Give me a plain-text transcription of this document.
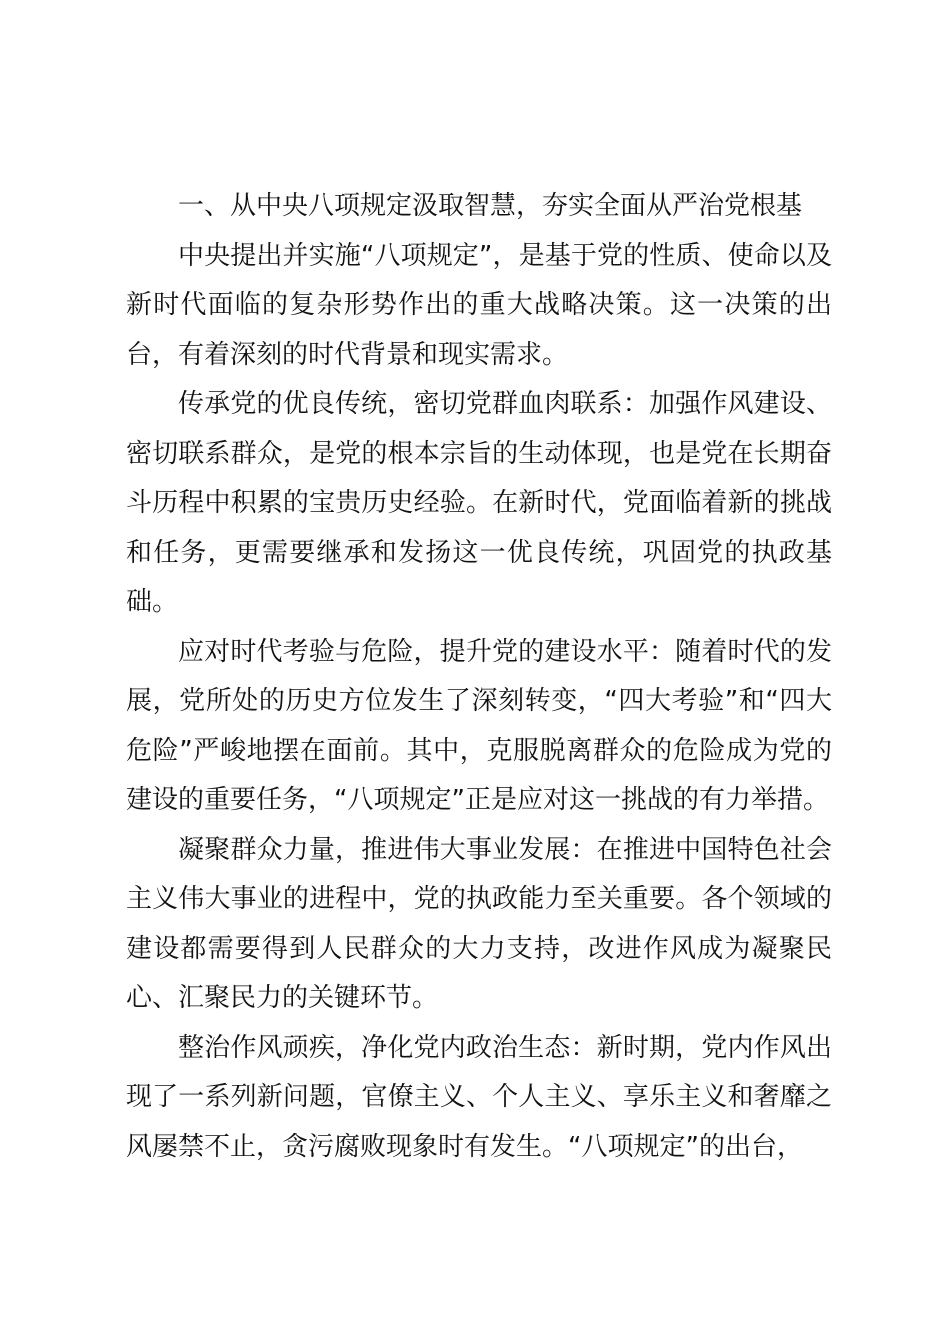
一、从中央八项规定汲取智慧，夯实全面从严治党根基

中央提出并实施“八项规定”，是基于党的性质、使命以及新时代面临的复杂形势作出的重大战略决策。这一决策的出台，有着深刻的时代背景和现实需求。

传承党的优良传统，密切党群血肉联系：加强作风建设、密切联系群众，是党的根本宗旨的生动体现，也是党在长期奋斗历程中积累的宝贵历史经验。在新时代，党面临着新的挑战和任务，更需要继承和发扬这一优良传统，巩固党的执政基础。

应对时代考验与危险，提升党的建设水平：随着时代的发展，党所处的历史方位发生了深刻转变，“四大考验”和“四大危险”严峻地摆在面前。其中，克服脱离群众的危险成为党的建设的重要任务，“八项规定”正是应对这一挑战的有力举措。

凝聚群众力量，推进伟大事业发展：在推进中国特色社会主义伟大事业的进程中，党的执政能力至关重要。各个领域的建设都需要得到人民群众的大力支持，改进作风成为凝聚民心、汇聚民力的关键环节。

整治作风顽疾，净化党内政治生态：新时期，党内作风出现了一系列新问题，官僚主义、个人主义、享乐主义和奢靡之风屡禁不止，贪污腐败现象时有发生。“八项规定”的出台，
